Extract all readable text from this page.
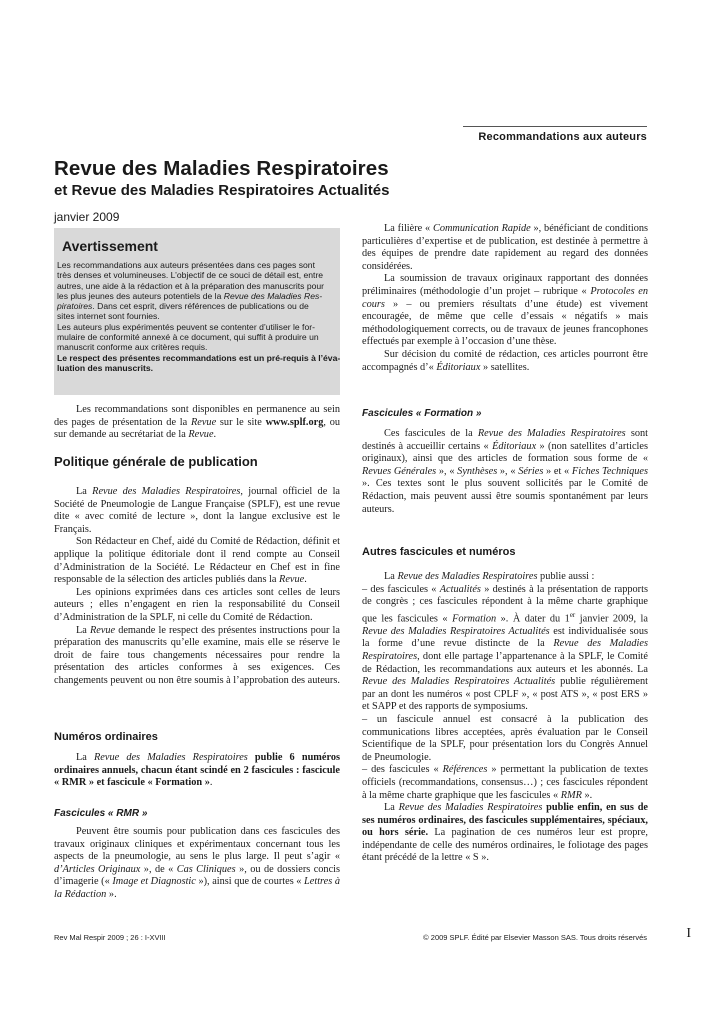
Recommandations aux auteurs
Revue des Maladies Respiratoires
et Revue des Maladies Respiratoires Actualités
janvier 2009
Avertissement
Les recommandations aux auteurs présentées dans ces pages sont
très denses et volumineuses. L’objectif de ce souci de détail est, entre
autres, une aide à la rédaction et à la préparation des manuscrits pour
les plus jeunes des auteurs potentiels de la Revue des Maladies Res-
piratoires. Dans cet esprit, divers références de publications ou de
sites internet sont fournies.
Les auteurs plus expérimentés peuvent se contenter d’utiliser le for-
mulaire de conformité annexé à ce document, qui suffit à produire un
manuscrit conforme aux critères requis.
Le respect des présentes recommandations est un pré-requis à l’éva-
luation des manuscrits.

Les recommandations sont disponibles en permanence au sein des pages de présentation de la Revue sur le site www.splf.org, ou sur demande au secrétariat de la Revue.

Politique générale de publication

La Revue des Maladies Respiratoires, journal officiel de la Société de Pneumologie de Langue Française (SPLF), est une revue dite « avec comité de lecture », dont la langue exclusive est le Français.

Son Rédacteur en Chef, aidé du Comité de Rédaction, définit et applique la politique éditoriale dont il rend compte au Conseil d’Administration de la Société. Le Rédacteur en Chef est in fine responsable de la sélection des articles publiés dans la Revue.

Les opinions exprimées dans ces articles sont celles de leurs auteurs ; elles n’engagent en rien la responsabilité du Conseil d’Administration de la SPLF, ni celle du Comité de Rédaction.

La Revue demande le respect des présentes instructions pour la préparation des manuscrits qu’elle examine, mais elle se réserve le droit de faire tous changements nécessaires pour rendre la présentation des articles conformes à ses exigences. Ces changements peuvent ou non être soumis à l’approbation des auteurs.

Numéros ordinaires

La Revue des Maladies Respiratoires publie 6 numéros ordinaires annuels, chacun étant scindé en 2 fascicules : fascicule « RMR » et fascicule « Formation ».

Fascicules « RMR »

Peuvent être soumis pour publication dans ces fascicules des travaux originaux cliniques et expérimentaux concernant tous les aspects de la pneumologie, au sens le plus large. Il peut s’agir « d’Articles Originaux », de « Cas Cliniques », ou de dossiers concis d’imagerie (« Image et Diagnostic »), ainsi que de courtes « Lettres à la Rédaction ».

La filière « Communication Rapide », bénéficiant de conditions particulières d’expertise et de publication, est destinée à permettre à des équipes de prendre date rapidement au regard des données considérées.

La soumission de travaux originaux rapportant des données préliminaires (méthodologie d’un projet – rubrique « Protocoles en cours » – ou premiers résultats d’une étude) est vivement encouragée, de même que celle d’essais « négatifs » mais méthodologiquement corrects, ou de travaux de jeunes francophones effectués par exemple à l’occasion d’une thèse.

Sur décision du comité de rédaction, ces articles pourront être accompagnés d’« Éditoriaux » satellites.

Fascicules « Formation »

Ces fascicules de la Revue des Maladies Respiratoires sont destinés à accueillir certains « Éditoriaux » (non satellites d’articles originaux), ainsi que des articles de formation sous forme de « Revues Générales », « Synthèses », « Séries » et « Fiches Techniques ». Ces textes sont le plus souvent sollicités par le Comité de Rédaction, mais peuvent aussi être soumis spontanément par leurs auteurs.

Autres fascicules et numéros

La Revue des Maladies Respiratoires publie aussi :

– des fascicules « Actualités » destinés à la présentation de rapports de congrès ; ces fascicules répondent à la même charte graphique que les fascicules « Formation ». À dater du 1er janvier 2009, la Revue des Maladies Respiratoires Actualités est individualisée sous la forme d’une revue distincte de la Revue des Maladies Respiratoires, dont elle partage l’appartenance à la SPLF, le Comité de Rédaction, les recommandations aux auteurs et les abonnés. La Revue des Maladies Respiratoires Actualités publie régulièrement par an dont les numéros « post CPLF », « post ATS », « post ERS » et SAPP et des rapports de symposiums.

– un fascicule annuel est consacré à la publication des communications libres acceptées, après évaluation par le Conseil Scientifique de la SPLF, pour présentation lors du Congrès Annuel de Pneumologie.

– des fascicules « Références » permettant la publication de textes officiels (recommandations, consensus…) ; ces fascicules répondent à la même charte graphique que les fascicules « RMR ».

La Revue des Maladies Respiratoires publie enfin, en sus de ses numéros ordinaires, des fascicules supplémentaires, spéciaux, ou hors série. La pagination de ces numéros leur est propre, indépendante de celle des numéros ordinaires, le foliotage des pages étant précédé de la lettre « S ».

Rev Mal Respir 2009 ; 26 : I-XVIII	© 2009 SPLF. Édité par Elsevier Masson SAS. Tous droits réservés	I
